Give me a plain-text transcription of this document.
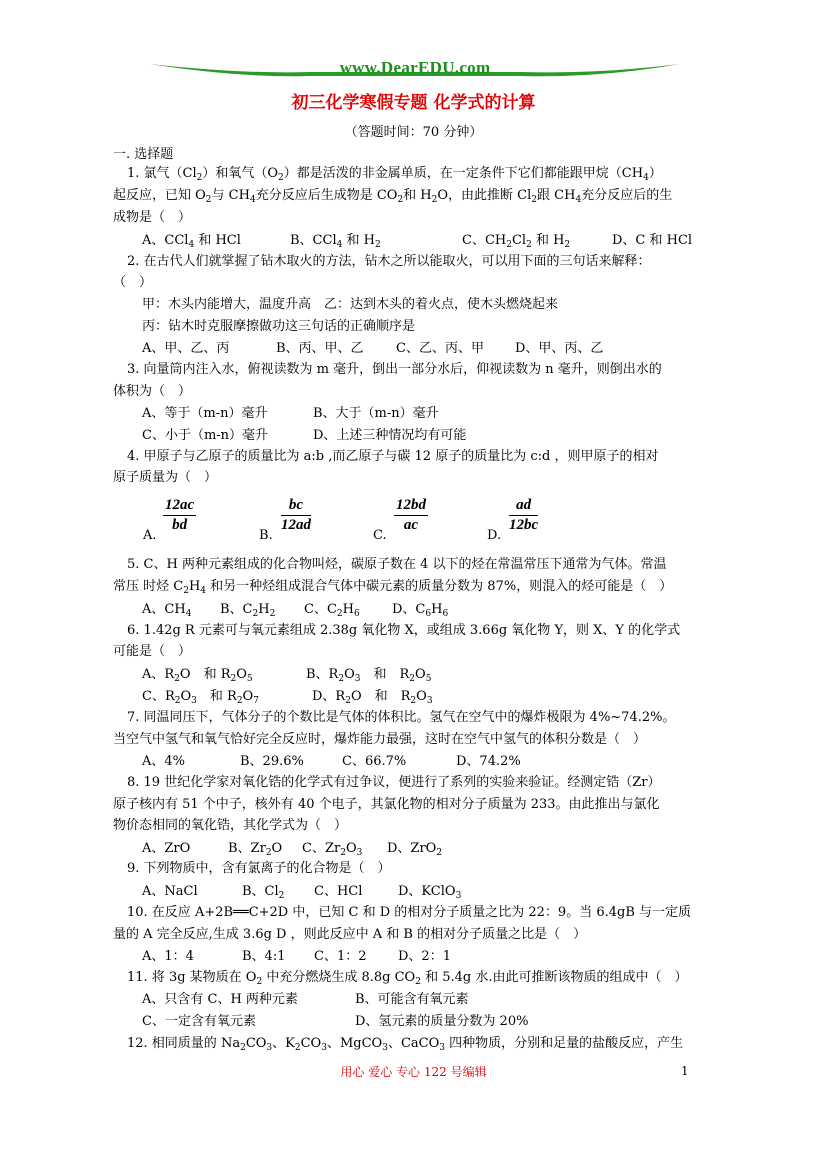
www.DearEDU.com
初三化学寒假专题 化学式的计算
（答题时间：70 分钟）
一. 选择题
1. 氯气$(Cl_2)$和氧气$(O_2)$都是活泼的非金属单质，在一定条件下它们都能跟甲烷$(CH_4)$
起反应，已知 $O_2$与 $CH_4$充分反应后生成物是 $CO_2$和 $H_2O$，由此推断 $Cl_2$跟 $CH_4$充分反应后的生
成物是（　）
A、CCl$_4$ 和 HCl	B、CCl$_4$ 和 $H_2$	C、$CH_2Cl_2$ 和 $H_2$	D、C 和 HCl
2. 在古代人们就掌握了钻木取火的方法，钻木之所以能取火，可以用下面的三句话来解释：
（　）
甲：木头内能增大，温度升高　乙：达到木头的着火点，使木头燃烧起来
丙：钻木时克服摩擦做功这三句话的正确顺序是
A、甲、乙、丙	B、丙、甲、乙 C、乙、丙、甲 D、甲、丙、乙
3. 向量筒内注入水，俯视读数为 m 毫升，倒出一部分水后，仰视读数为 n 毫升，则倒出水的
体积为（　）
A、等于（m-n）毫升	B、大于（m-n）毫升
C、小于（m-n）毫升	D、上述三种情况均有可能
4. 甲原子与乙原子的质量比为 a:b ,而乙原子与碳 12 原子的质量比为 c:d ，则甲原子的相对
原子质量为（　）
A.
$\frac{12ac}{bd}$
B.
$\frac{bc}{12ad}$
C.
$\frac{12bd}{ac}$
D.
$\frac{ad}{12bc}$
5. C、H 两种元素组成的化合物叫烃，碳原子数在 4 以下的烃在常温常压下通常为气体。常温
常压 时烃 $C_2H_4$ 和另一种烃组成混合气体中碳元素的质量分数为 87%，则混入的烃可能是（　）
A、$CH_4$ B、$C_2H_2$ C、$C_2H_6$ D、$C_6H_6$
6. 1.42g R 元素可与氧元素组成 2.38g 氧化物 X，或组成 3.66g 氧化物 Y，则 X、Y 的化学式
可能是（　）
A、$R_2O$　和 $R_2O_5$	B、$R_2O_3$　和　$R_2O_5$
C、$R_2O_3$　和 $R_2O_7$	D、$R_2O$　和　$R_2O_3$
7. 同温同压下，气体分子的个数比是气体的体积比。氢气在空气中的爆炸极限为 4%~74.2%。
当空气中氢气和氧气恰好完全反应时，爆炸能力最强，这时在空气中氢气的体积分数是（　）
A、4%	B、29.6%	C、66.7%	D、74.2%
8. 19 世纪化学家对氧化锆的化学式有过争议，便进行了系列的实验来验证。经测定锆（Zr）
原子核内有 51 个中子，核外有 40 个电子，其氯化物的相对分子质量为 233。由此推出与氯化
物价态相同的氧化锆，其化学式为（　）
A、ZrO	B、$Zr_2O$ C、$Zr_2O_3$ D、ZrO$_2$
9. 下列物质中，含有氯离子的化合物是（　）
A、NaCl	B、$Cl_2$ C、HCl	D、KClO$_3$
10. 在反应 A+2B══C+2D 中，已知 C 和 D 的相对分子质量之比为 22：9。当 6.4gB 与一定质
量的 A 完全反应,生成 3.6g D ，则此反应中 A 和 B 的相对分子质量之比是（　）
A、1：4	B、4:1 C、1：2 D、2：1
11. 将 3g 某物质在 $O_2$ 中充分燃烧生成 8.8g $CO_2$ 和 5.4g 水.由此可推断该物质的组成中（　）
A、只含有 C、H 两种元素	B、可能含有氧元素
C、一定含有氧元素	D、氢元素的质量分数为 20%
12. 相同质量的 $Na_2CO_3$、$K_2CO_3$、MgCO$_3$、CaCO$_3$ 四种物质，分别和足量的盐酸反应，产生
用心 爱心 专心 122 号编辑	1
